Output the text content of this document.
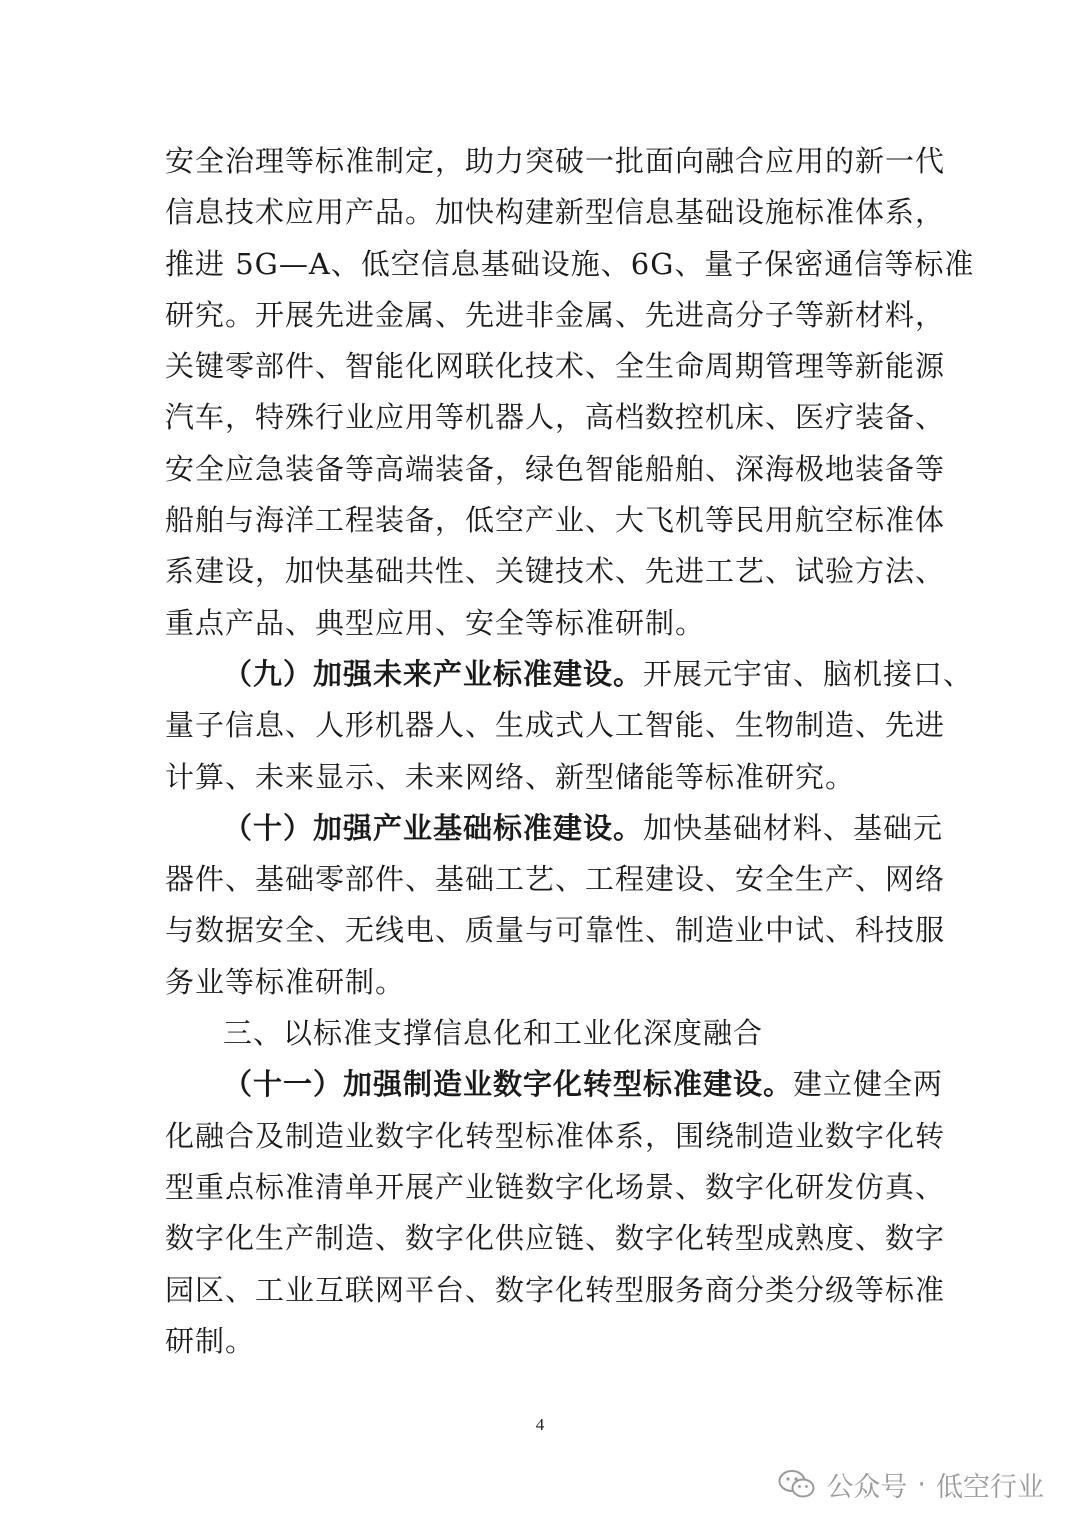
安全治理等标准制定，助力突破一批面向融合应用的新一代
信息技术应用产品。加快构建新型信息基础设施标准体系，
推进 5G—A、低空信息基础设施、6G、量子保密通信等标准
研究。开展先进金属、先进非金属、先进高分子等新材料，
关键零部件、智能化网联化技术、全生命周期管理等新能源
汽车，特殊行业应用等机器人，高档数控机床、医疗装备、
安全应急装备等高端装备，绿色智能船舶、深海极地装备等
船舶与海洋工程装备，低空产业、大飞机等民用航空标准体
系建设，加快基础共性、关键技术、先进工艺、试验方法、
重点产品、典型应用、安全等标准研制。
（九）加强未来产业标准建设。开展元宇宙、脑机接口、
量子信息、人形机器人、生成式人工智能、生物制造、先进
计算、未来显示、未来网络、新型储能等标准研究。
（十）加强产业基础标准建设。加快基础材料、基础元
器件、基础零部件、基础工艺、工程建设、安全生产、网络
与数据安全、无线电、质量与可靠性、制造业中试、科技服
务业等标准研制。
三、以标准支撑信息化和工业化深度融合
（十一）加强制造业数字化转型标准建设。建立健全两
化融合及制造业数字化转型标准体系，围绕制造业数字化转
型重点标准清单开展产业链数字化场景、数字化研发仿真、
数字化生产制造、数字化供应链、数字化转型成熟度、数字
园区、工业互联网平台、数字化转型服务商分类分级等标准
研制。
4
公众号 · 低空行业
